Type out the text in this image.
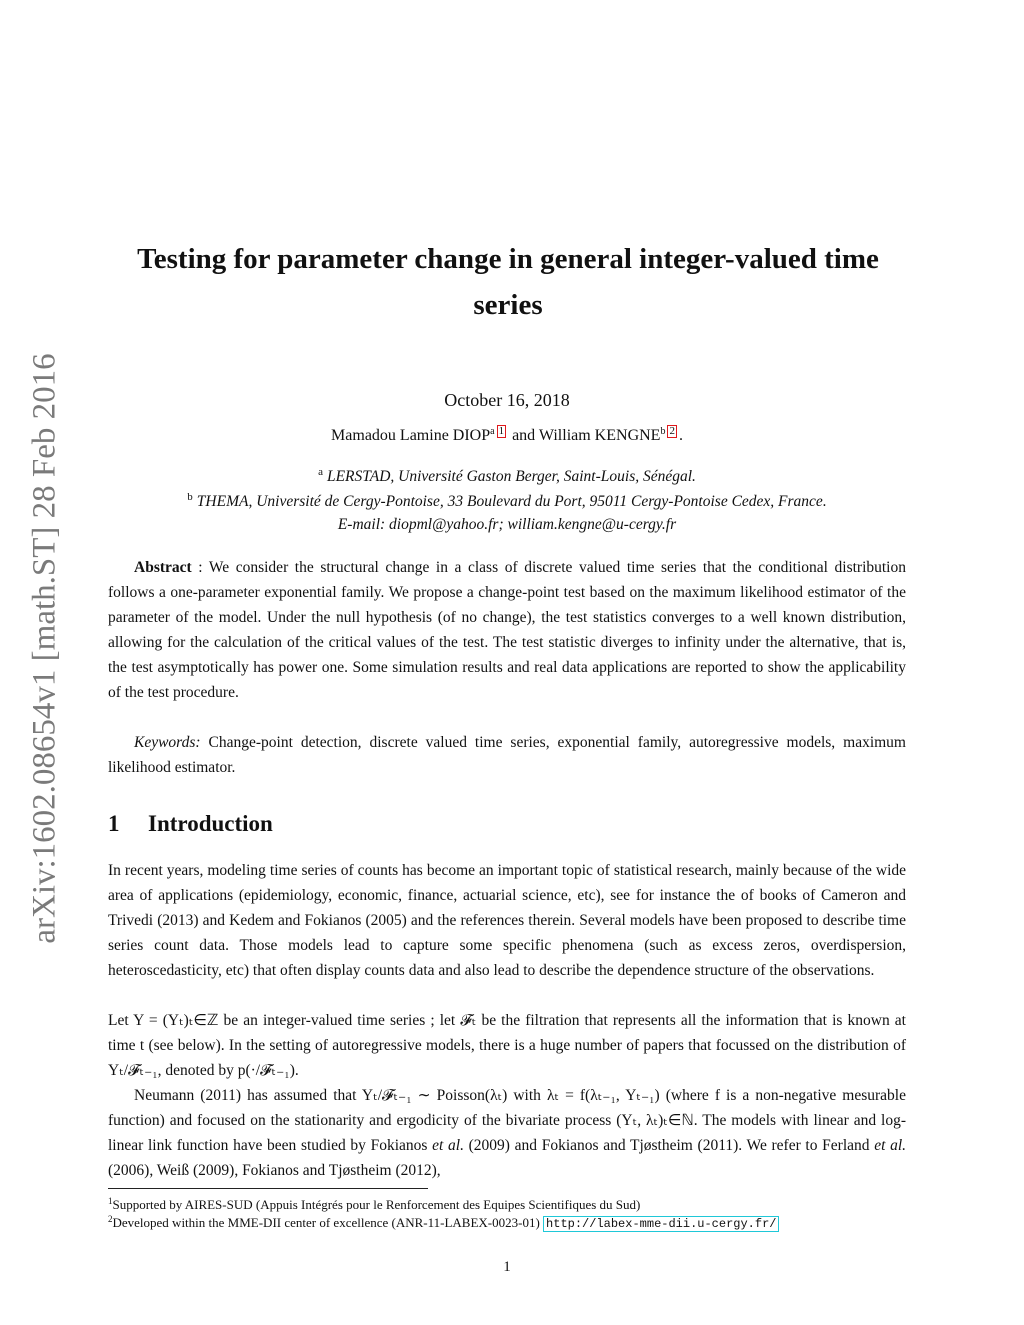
arXiv:1602.08654v1 [math.ST] 28 Feb 2016
Testing for parameter change in general integer-valued time series
October 16, 2018
Mamadou Lamine DIOP$^a$ 1 and William KENGNE$^b$ 2 .
$^a$ LERSTAD, Université Gaston Berger, Saint-Louis, Sénégal.
$^b$ THEMA, Université de Cergy-Pontoise, 33 Boulevard du Port, 95011 Cergy-Pontoise Cedex, France.
E-mail: diopml@yahoo.fr; william.kengne@u-cergy.fr
Abstract : We consider the structural change in a class of discrete valued time series that the conditional distribution follows a one-parameter exponential family. We propose a change-point test based on the maximum likelihood estimator of the parameter of the model. Under the null hypothesis (of no change), the test statistics converges to a well known distribution, allowing for the calculation of the critical values of the test. The test statistic diverges to infinity under the alternative, that is, the test asymptotically has power one. Some simulation results and real data applications are reported to show the applicability of the test procedure.
Keywords: Change-point detection, discrete valued time series, exponential family, autoregressive models, maximum likelihood estimator.
1 Introduction
In recent years, modeling time series of counts has become an important topic of statistical research, mainly because of the wide area of applications (epidemiology, economic, finance, actuarial science, etc), see for instance the of books of Cameron and Trivedi (2013) and Kedem and Fokianos (2005) and the references therein. Several models have been proposed to describe time series count data. Those models lead to capture some specific phenomena (such as excess zeros, overdispersion, heteroscedasticity, etc) that often display counts data and also lead to describe the dependence structure of the observations.
Let Y = (Yₜ)ₜ∈ℤ be an integer-valued time series ; let 𝓕ₜ be the filtration that represents all the information that is known at time t (see below). In the setting of autoregressive models, there is a huge number of papers that focussed on the distribution of Yₜ/𝓕ₜ₋₁, denoted by p(·/𝓕ₜ₋₁).
Neumann (2011) has assumed that Yₜ/𝓕ₜ₋₁ ∼ Poisson(λₜ) with λₜ = f(λₜ₋₁, Yₜ₋₁) (where f is a non-negative mesurable function) and focused on the stationarity and ergodicity of the bivariate process (Yₜ, λₜ)ₜ∈ℕ. The models with linear and log-linear link function have been studied by Fokianos et al. (2009) and Fokianos and Tjøstheim (2011). We refer to Ferland et al. (2006), Weiß (2009), Fokianos and Tjøstheim (2012),
$^1$Supported by AIRES-SUD (Appuis Intégrés pour le Renforcement des Equipes Scientifiques du Sud)
$^2$Developed within the MME-DII center of excellence (ANR-11-LABEX-0023-01) http://labex-mme-dii.u-cergy.fr/
1
